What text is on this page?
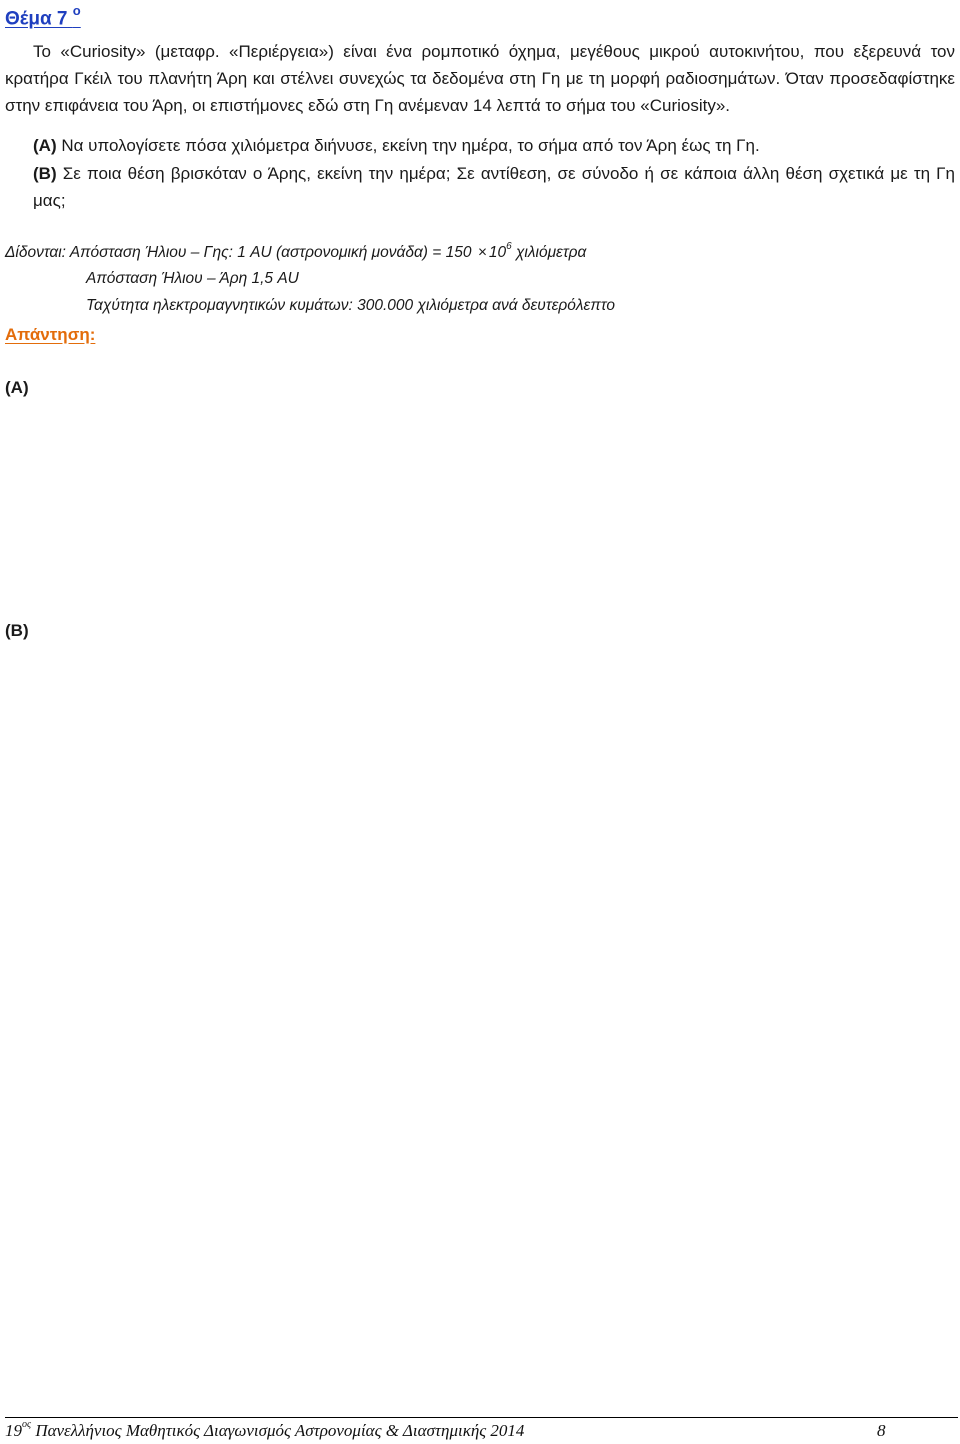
Θέμα 7 $^o$
Το «Curiosity» (μεταφρ. «Περιέργεια») είναι ένα ρομποτικό όχημα, μεγέθους μικρού αυτοκινήτου, που εξερευνά τον κρατήρα Γκέιλ του πλανήτη Άρη και στέλνει συνεχώς τα δεδομένα στη Γη με τη μορφή ραδιοσημάτων. Όταν προσεδαφίστηκε στην επιφάνεια του Άρη, οι επιστήμονες εδώ στη Γη ανέμεναν 14 λεπτά το σήμα του «Curiosity».
(Α) Να υπολογίσετε πόσα χιλιόμετρα διήνυσε, εκείνη την ημέρα, το σήμα από τον Άρη έως τη Γη.
(Β) Σε ποια θέση βρισκόταν ο Άρης, εκείνη την ημέρα; Σε αντίθεση, σε σύνοδο ή σε κάποια άλλη θέση σχετικά με τη Γη μας;
Δίδονται: Απόσταση Ήλιου – Γης: 1 AU (αστρονομική $\mu o\nu ά\delta\alpha) = 150 \times 10^6$ χιλιόμετρα
Απόσταση Ήλιου – Άρη 1,5 AU
Ταχύτητα ηλεκτρομαγνητικών κυμάτων: 300.000 χιλιόμετρα ανά δευτερόλεπτο
Απάντηση:
(Α)
(Β)
$19^{o\varsigma}$ Πανελλήνιος Μαθητικός Διαγωνισμός Αστρονομίας & Διαστημικής 2014	8
